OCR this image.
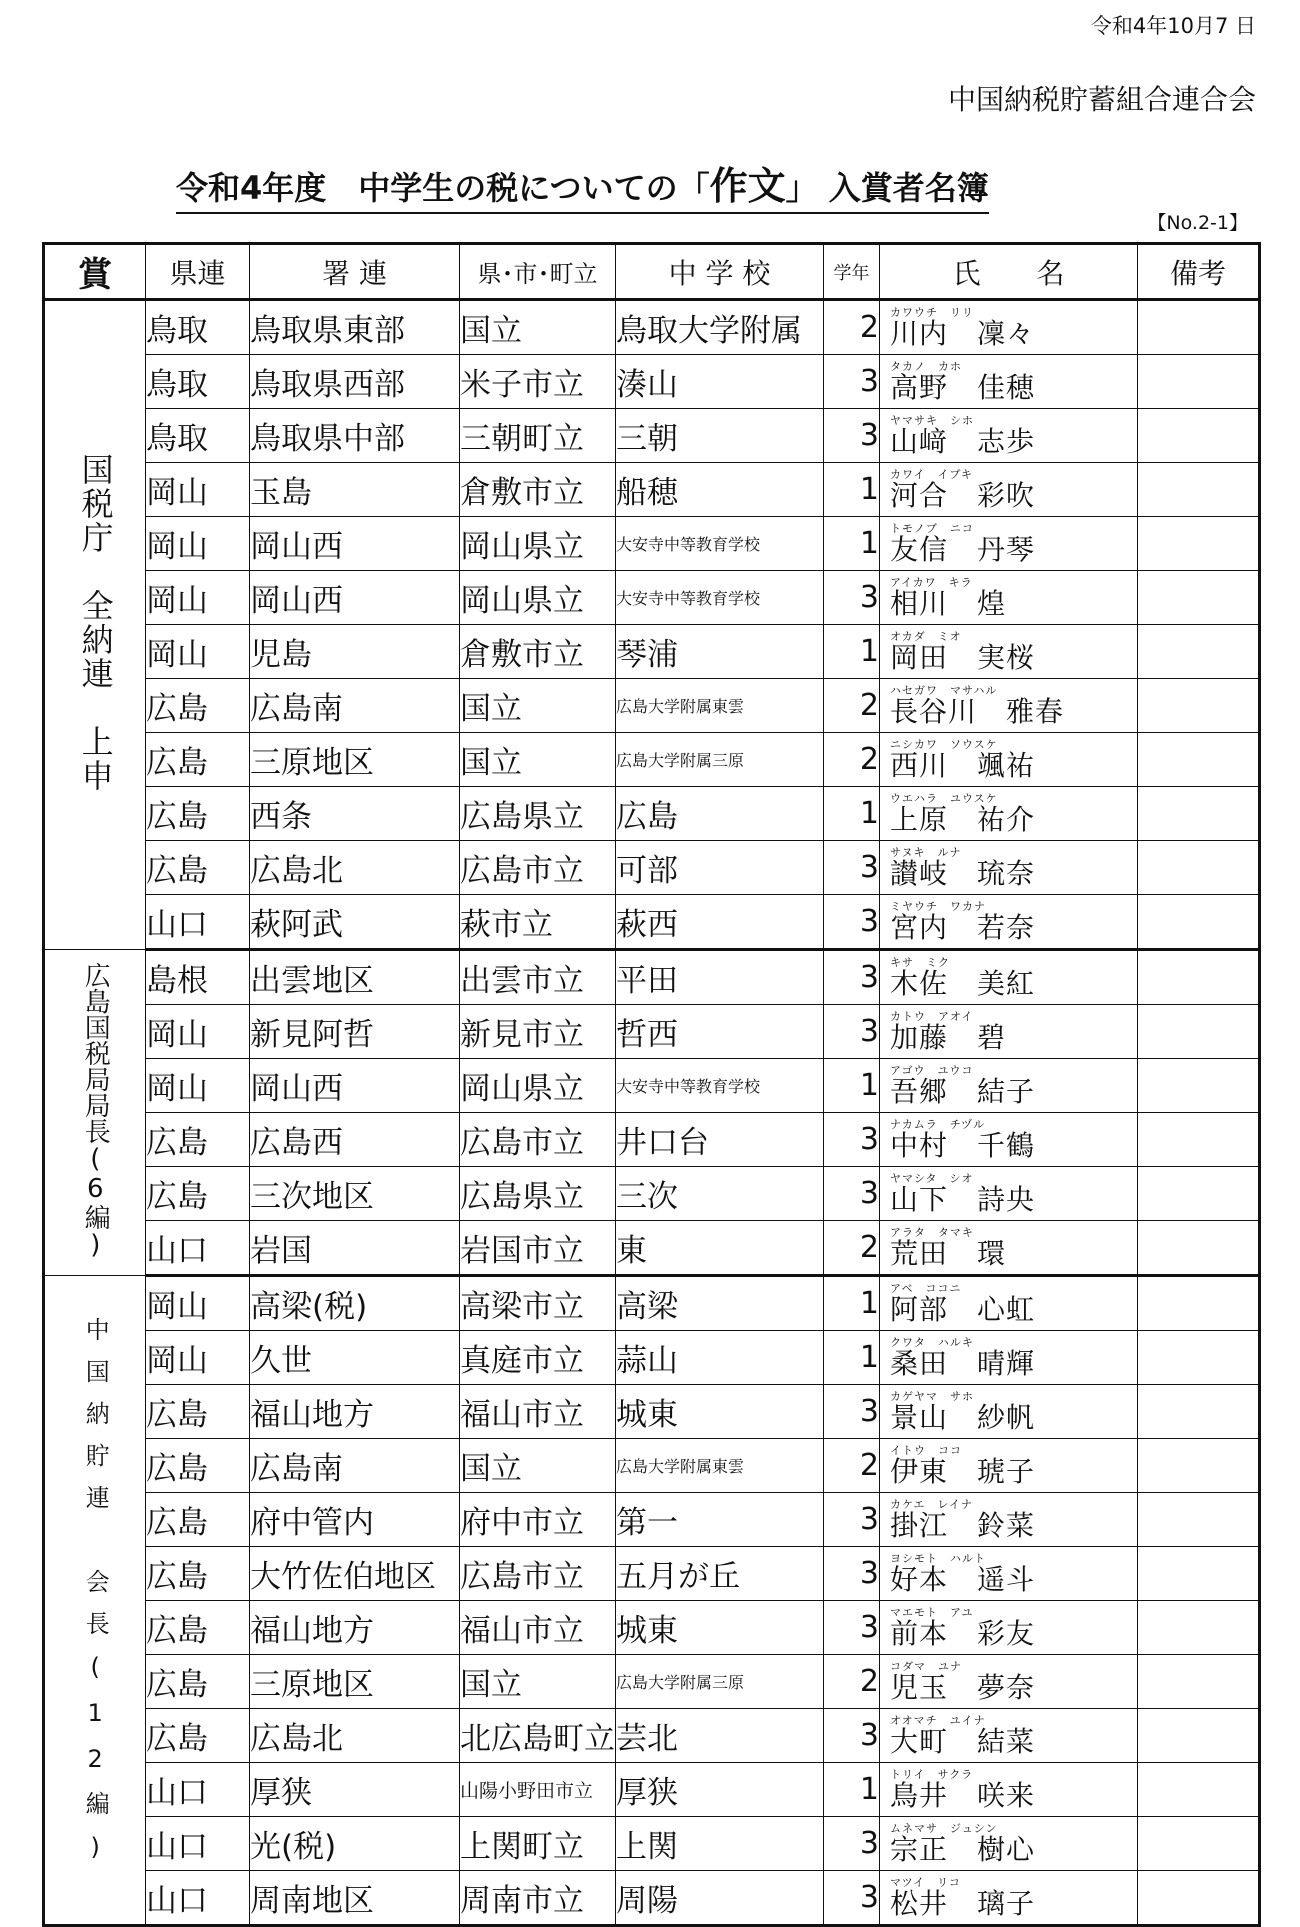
令和4年10月7 日
中国納税貯蓄組合連合会
令和4年度　中学生の税についての「作文」 入賞者名簿
【No.2-1】
賞	県連	署 連	県･市･町立	中 学 校	学年	氏　　名	備考
国税庁　全納連　上申	鳥取	鳥取県東部	国立	鳥取大学附属	2	カワウチ　リリ
川内　凜々	

	鳥取	鳥取県西部	米子市立	湊山	3	タカノ　カホ
高野　佳穂	

	鳥取	鳥取県中部	三朝町立	三朝	3	ヤマサキ　シホ
山﨑　志歩	

	岡山	玉島	倉敷市立	船穂	1	カワイ　イブキ
河合　彩吹	

	岡山	岡山西	岡山県立	大安寺中等教育学校	1	トモノブ　ニコ
友信　丹琴	

	岡山	岡山西	岡山県立	大安寺中等教育学校	3	アイカワ　キラ
相川　煌	

	岡山	児島	倉敷市立	琴浦	1	オカダ　ミオ
岡田　実桜	

	広島	広島南	国立	広島大学附属東雲	2	ハセガワ　マサハル
長谷川　雅春	

	広島	三原地区	国立	広島大学附属三原	2	ニシカワ　ソウスケ
西川　颯祐	

	広島	西条	広島県立	広島	1	ウエハラ　ユウスケ
上原　祐介	

	広島	広島北	広島市立	可部	3	サヌキ　ルナ
讃岐　琉奈	

	山口	萩阿武	萩市立	萩西	3	ミヤウチ　ワカナ
宮内　若奈	

広島国税局局長(6編)	島根	出雲地区	出雲市立	平田	3	キサ　ミク
木佐　美紅	

	岡山	新見阿哲	新見市立	哲西	3	カトウ　アオイ
加藤　碧	

	岡山	岡山西	岡山県立	大安寺中等教育学校	1	アゴウ　ユウコ
吾郷　結子	

	広島	広島西	広島市立	井口台	3	ナカムラ　チヅル
中村　千鶴	

	広島	三次地区	広島県立	三次	3	ヤマシタ　シオ
山下　詩央	

	山口	岩国	岩国市立	東	2	アラタ　タマキ
荒田　環	

中国納貯連　会長(12編)	岡山	高梁(税)	高梁市立	高梁	1	アベ　ココニ
阿部　心虹	

	岡山	久世	真庭市立	蒜山	1	クワタ　ハルキ
桑田　晴輝	

	広島	福山地方	福山市立	城東	3	カゲヤマ　サホ
景山　紗帆	

	広島	広島南	国立	広島大学附属東雲	2	イトウ　ココ
伊東　琥子	

	広島	府中管内	府中市立	第一	3	カケエ　レイナ
掛江　鈴菜	

	広島	大竹佐伯地区	広島市立	五月が丘	3	ヨシモト　ハルト
好本　遥斗	

	広島	福山地方	福山市立	城東	3	マエモト　アユ
前本　彩友	

	広島	三原地区	国立	広島大学附属三原	2	コダマ　ユナ
児玉　夢奈	

	広島	広島北	北広島町立	芸北	3	オオマチ　ユイナ
大町　結菜	

	山口	厚狭	山陽小野田市立	厚狭	1	トリイ　サクラ
鳥井　咲来	

	山口	光(税)	上関町立	上関	3	ムネマサ　ジュシン
宗正　樹心	

	山口	周南地区	周南市立	周陽	3	マツイ　リコ
松井　璃子	
